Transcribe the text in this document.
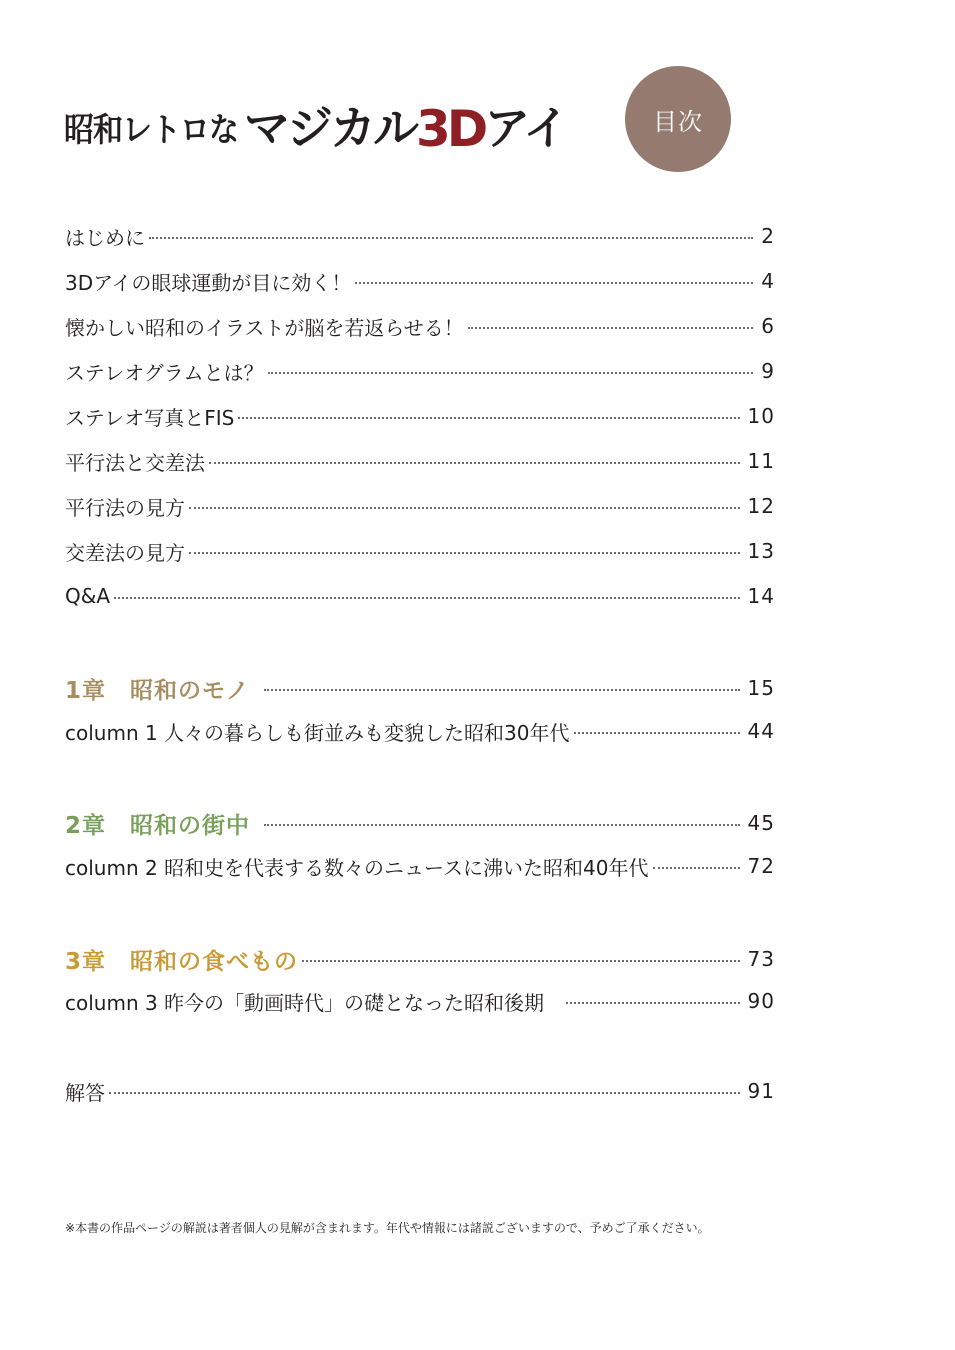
昭和レトロな マジカル 3D アイ	目次
はじめに	2
3Dアイの眼球運動が目に効く！	4
懐かしい昭和のイラストが脳を若返らせる！	6
ステレオグラムとは？	9
ステレオ写真とFIS	10
平行法と交差法	11
平行法の見方	12
交差法の見方	13
Q&A	14
1章　昭和のモノ	15
column 1 人々の暮らしも街並みも変貌した昭和30年代	44
2章　昭和の街中	45
column 2 昭和史を代表する数々のニュースに沸いた昭和40年代	72
3章　昭和の食べもの	73
column 3 昨今の「動画時代」の礎となった昭和後期	90
解答	91
※本書の作品ページの解説は著者個人の見解が含まれます。年代や情報には諸説ございますので、予めご了承ください。
